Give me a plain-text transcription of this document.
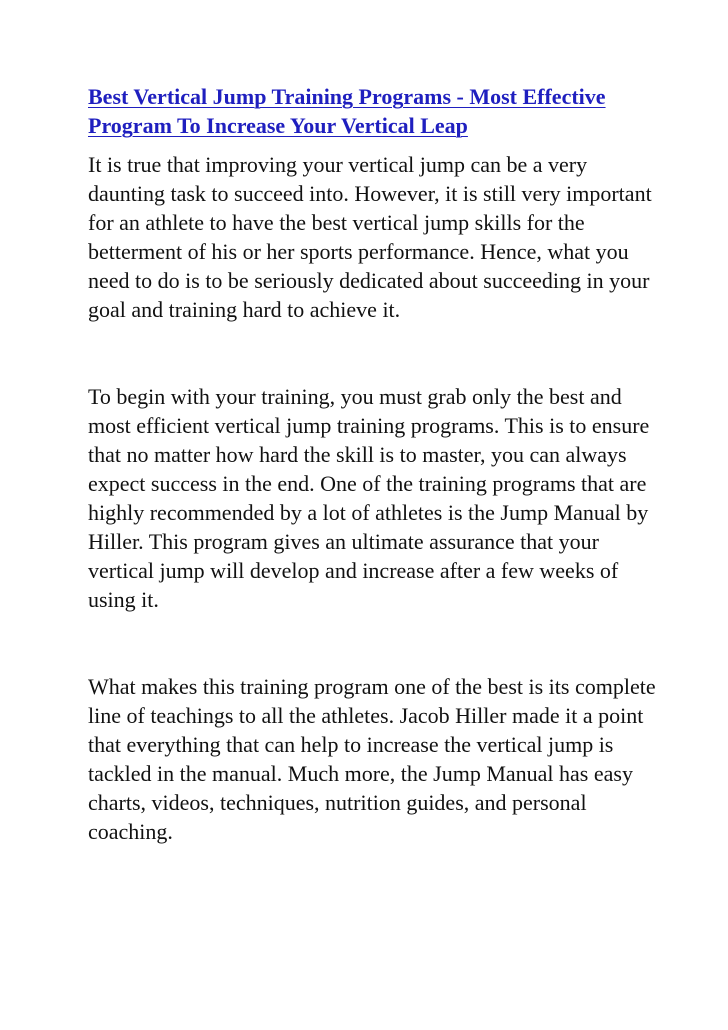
Best Vertical Jump Training Programs - Most Effective Program To Increase Your Vertical Leap

It is true that improving your vertical jump can be a very daunting task to succeed into. However, it is still very important for an athlete to have the best vertical jump skills for the betterment of his or her sports performance. Hence, what you need to do is to be seriously dedicated about succeeding in your goal and training hard to achieve it.

To begin with your training, you must grab only the best and most efficient vertical jump training programs. This is to ensure that no matter how hard the skill is to master, you can always expect success in the end. One of the training programs that are highly recommended by a lot of athletes is the Jump Manual by Hiller. This program gives an ultimate assurance that your vertical jump will develop and increase after a few weeks of using it.

What makes this training program one of the best is its complete line of teachings to all the athletes. Jacob Hiller made it a point that everything that can help to increase the vertical jump is tackled in the manual. Much more, the Jump Manual has easy charts, videos, techniques, nutrition guides, and personal coaching.
